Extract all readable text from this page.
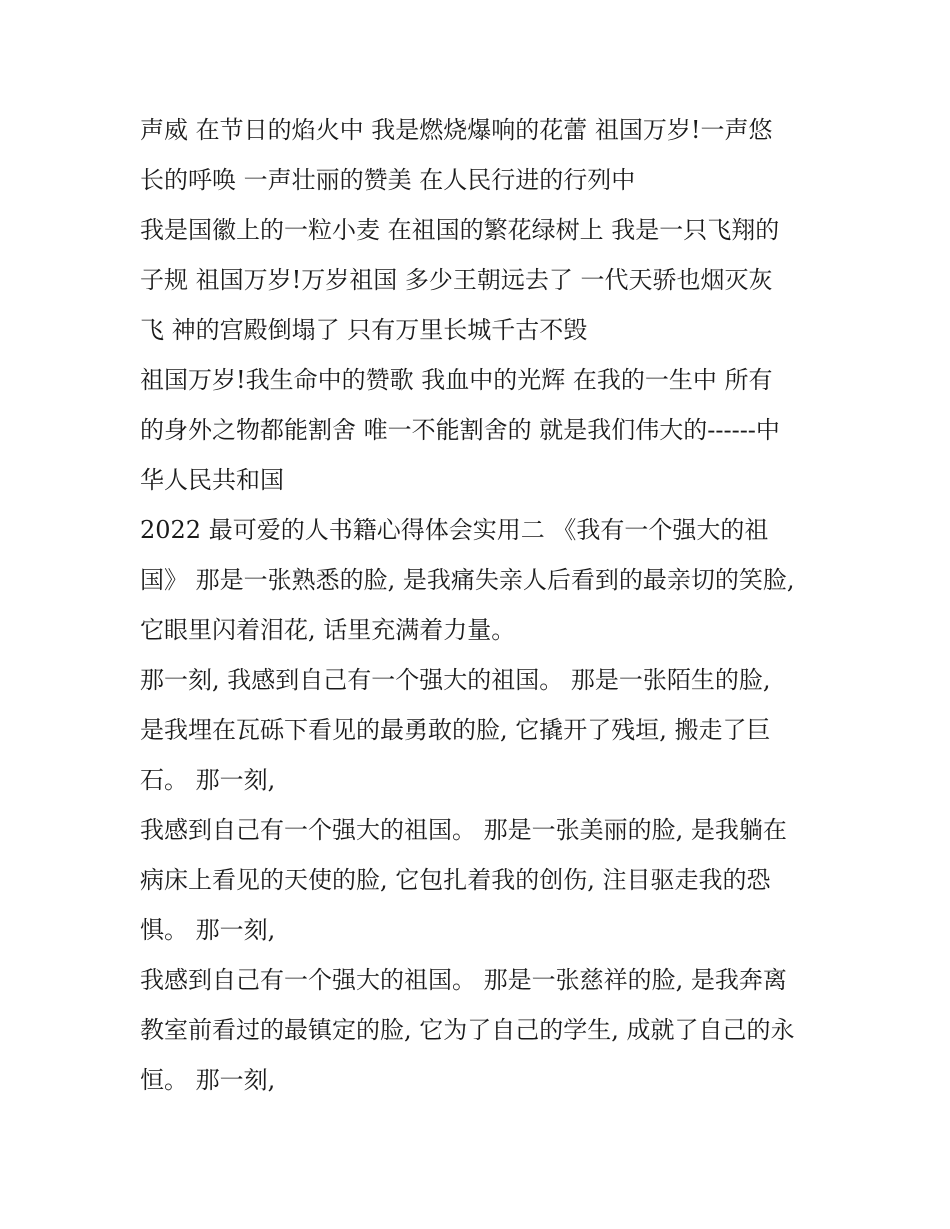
声威 在节日的焰火中 我是燃烧爆响的花蕾 祖国万岁!一声悠
长的呼唤 一声壮丽的赞美 在人民行进的行列中
我是国徽上的一粒小麦 在祖国的繁花绿树上 我是一只飞翔的
子规 祖国万岁!万岁祖国 多少王朝远去了 一代天骄也烟灭灰
飞 神的宫殿倒塌了 只有万里长城千古不毁
祖国万岁!我生命中的赞歌 我血中的光辉 在我的一生中 所有
的身外之物都能割舍 唯一不能割舍的 就是我们伟大的------中
华人民共和国
2022 最可爱的人书籍心得体会实用二 《我有一个强大的祖
国》 那是一张熟悉的脸, 是我痛失亲人后看到的最亲切的笑脸,
它眼里闪着泪花, 话里充满着力量。
那一刻, 我感到自己有一个强大的祖国。 那是一张陌生的脸,
是我埋在瓦砾下看见的最勇敢的脸, 它撬开了残垣, 搬走了巨
石。 那一刻,
我感到自己有一个强大的祖国。 那是一张美丽的脸, 是我躺在
病床上看见的天使的脸, 它包扎着我的创伤, 注目驱走我的恐
惧。 那一刻,
我感到自己有一个强大的祖国。 那是一张慈祥的脸, 是我奔离
教室前看过的最镇定的脸, 它为了自己的学生, 成就了自己的永
恒。 那一刻,
